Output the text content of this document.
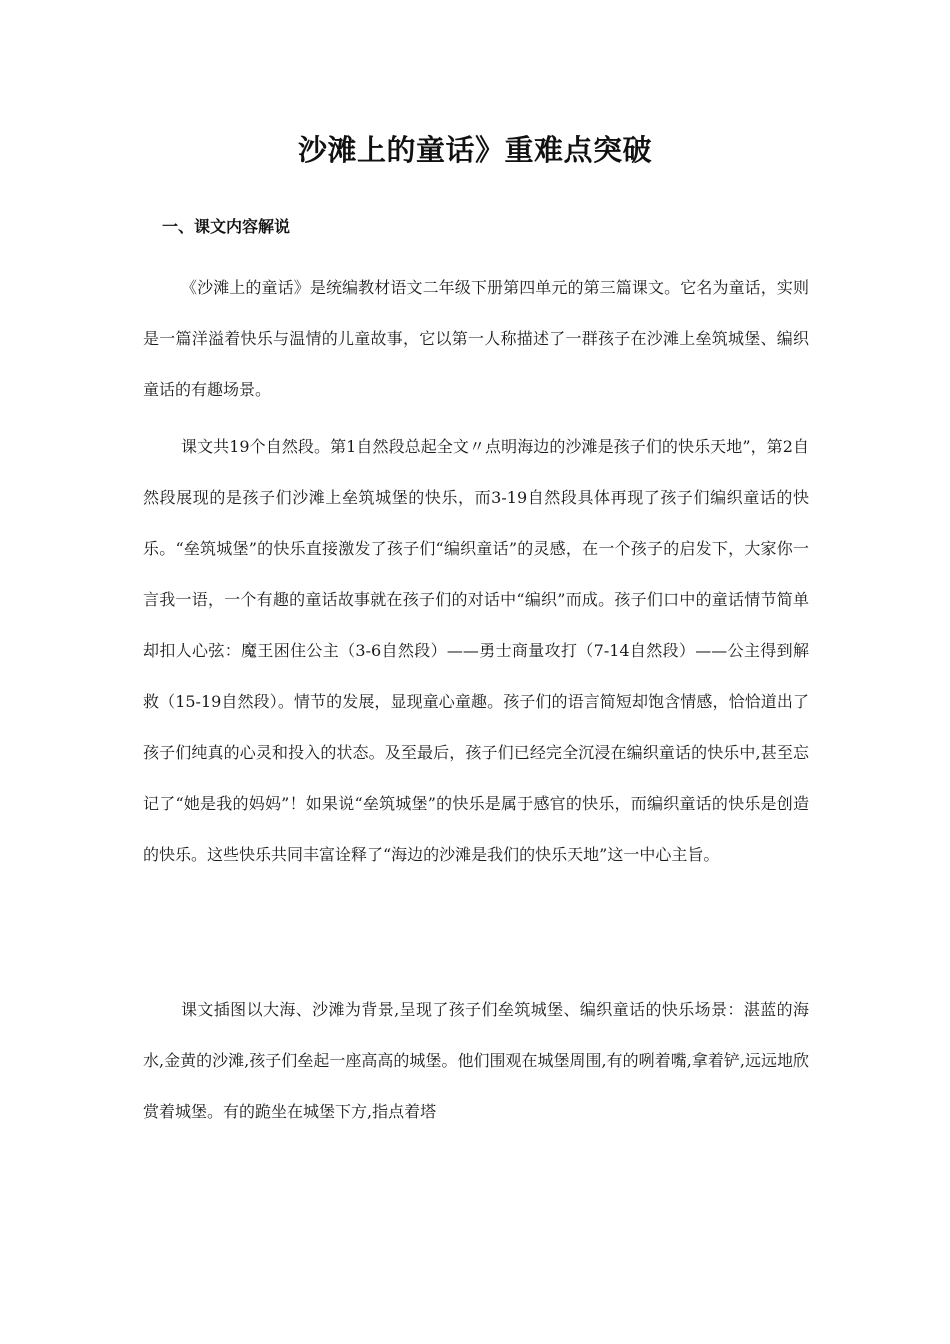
沙滩上的童话》重难点突破
一、课文内容解说

《沙滩上的童话》是统编教材语文二年级下册第四单元的第三篇课文。它名为童话，实则是一篇洋溢着快乐与温情的儿童故事，它以第一人称描述了一群孩子在沙滩上垒筑城堡、编织童话的有趣场景。

课文共19个自然段。第1自然段总起全文〃点明海边的沙滩是孩子们的快乐天地”，第2自然段展现的是孩子们沙滩上垒筑城堡的快乐，而3-19自然段具体再现了孩子们编织童话的快乐。“垒筑城堡”的快乐直接激发了孩子们“编织童话”的灵感，在一个孩子的启发下，大家你一言我一语，一个有趣的童话故事就在孩子们的对话中“编织”而成。孩子们口中的童话情节简单却扣人心弦：魔王困住公主（3-6自然段）——勇士商量攻打（7-14自然段）——公主得到解救（15-19自然段）。情节的发展，显现童心童趣。孩子们的语言简短却饱含情感，恰恰道出了孩子们纯真的心灵和投入的状态。及至最后，孩子们已经完全沉浸在编织童话的快乐中,甚至忘记了“她是我的妈妈”！如果说“垒筑城堡”的快乐是属于感官的快乐，而编织童话的快乐是创造的快乐。这些快乐共同丰富诠释了“海边的沙滩是我们的快乐天地”这一中心主旨。

课文插图以大海、沙滩为背景,呈现了孩子们垒筑城堡、编织童话的快乐场景：湛蓝的海水,金黄的沙滩,孩子们垒起一座高高的城堡。他们围观在城堡周围,有的咧着嘴,拿着铲,远远地欣赏着城堡。有的跪坐在城堡下方,指点着塔
